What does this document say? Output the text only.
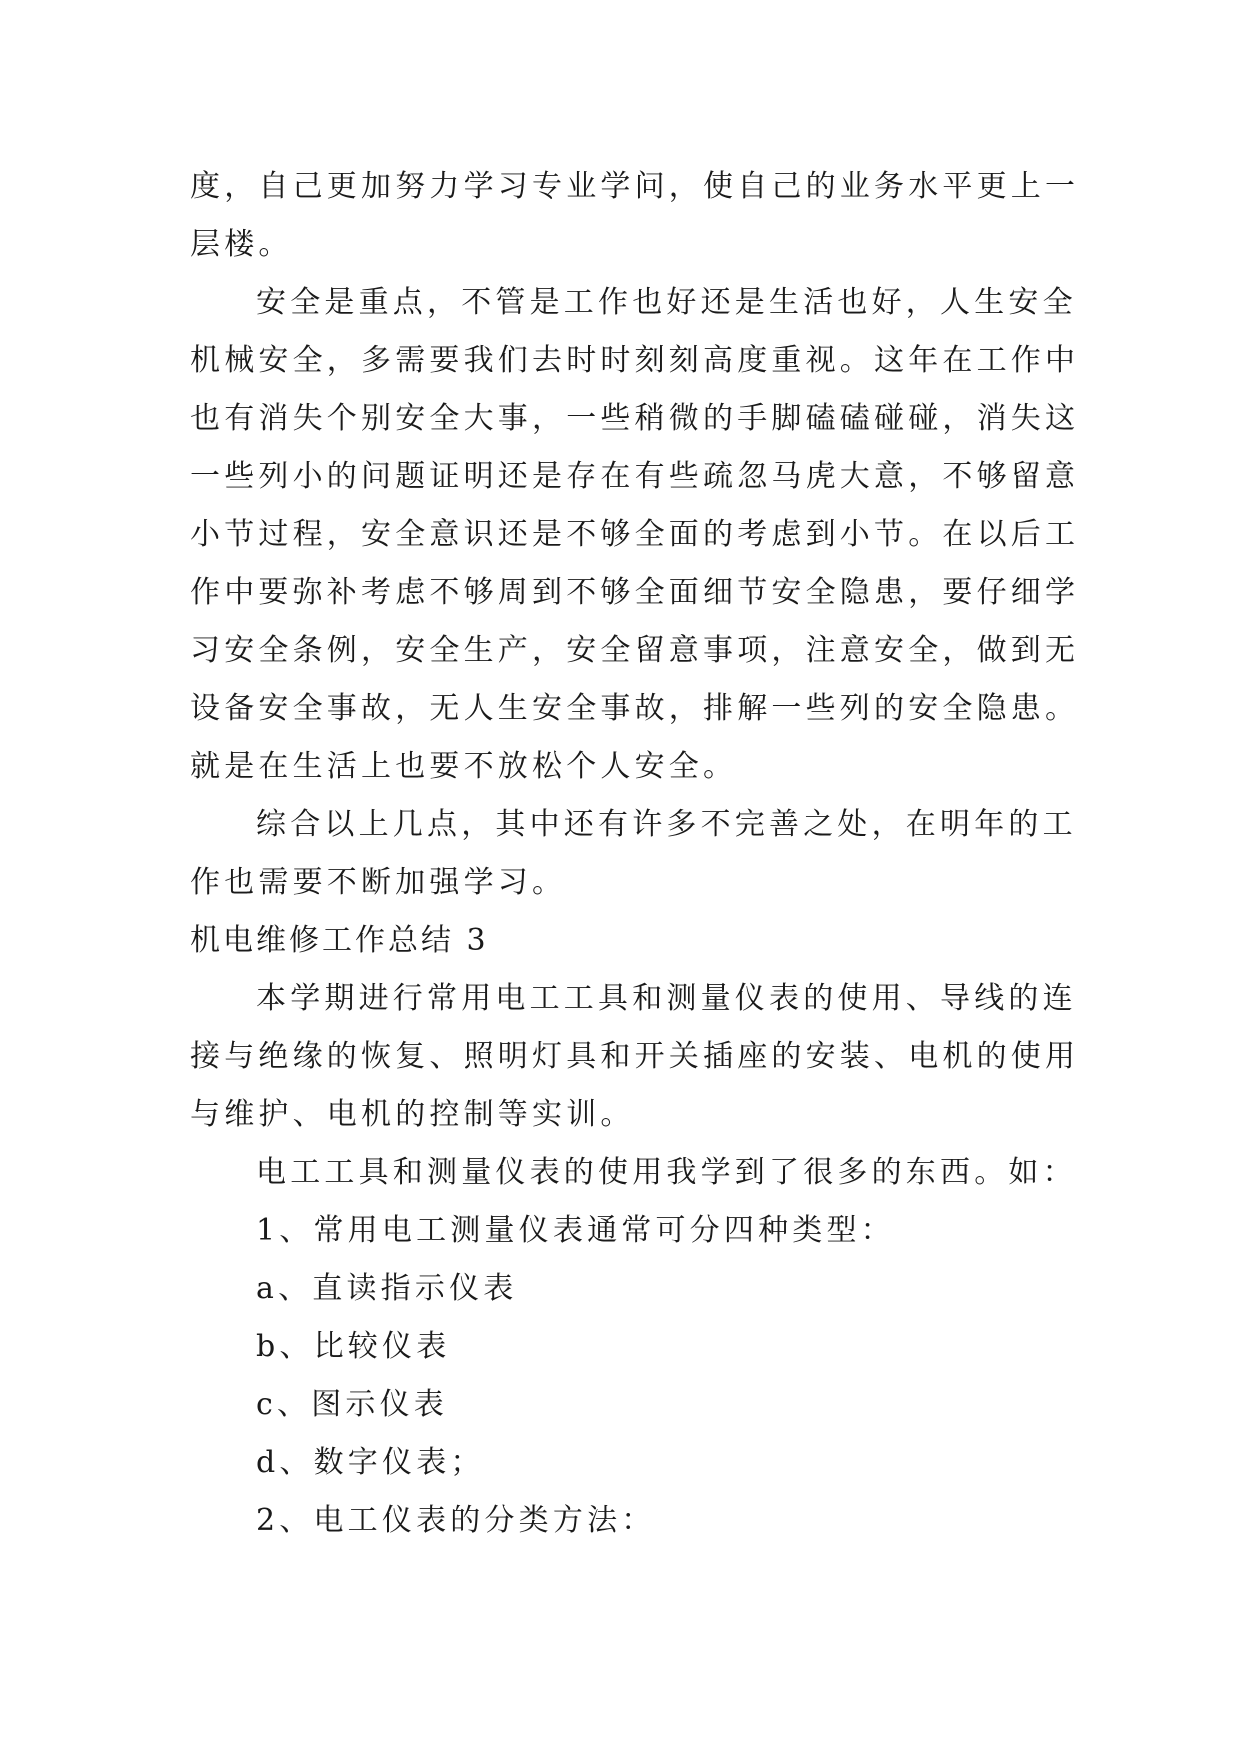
度，自己更加努力学习专业学问，使自己的业务水平更上一
层楼。
安全是重点，不管是工作也好还是生活也好，人生安全
机械安全，多需要我们去时时刻刻高度重视。这年在工作中
也有消失个别安全大事，一些稍微的手脚磕磕碰碰，消失这
一些列小的问题证明还是存在有些疏忽马虎大意，不够留意
小节过程，安全意识还是不够全面的考虑到小节。在以后工
作中要弥补考虑不够周到不够全面细节安全隐患，要仔细学
习安全条例，安全生产，安全留意事项，注意安全，做到无
设备安全事故，无人生安全事故，排解一些列的安全隐患。
就是在生活上也要不放松个人安全。
综合以上几点，其中还有许多不完善之处，在明年的工
作也需要不断加强学习。
机电维修工作总结 3
本学期进行常用电工工具和测量仪表的使用、导线的连
接与绝缘的恢复、照明灯具和开关插座的安装、电机的使用
与维护、电机的控制等实训。
电工工具和测量仪表的使用我学到了很多的东西。如：
1、常用电工测量仪表通常可分四种类型：
a、直读指示仪表
b、比较仪表
c、图示仪表
d、数字仪表；
2、电工仪表的分类方法：
